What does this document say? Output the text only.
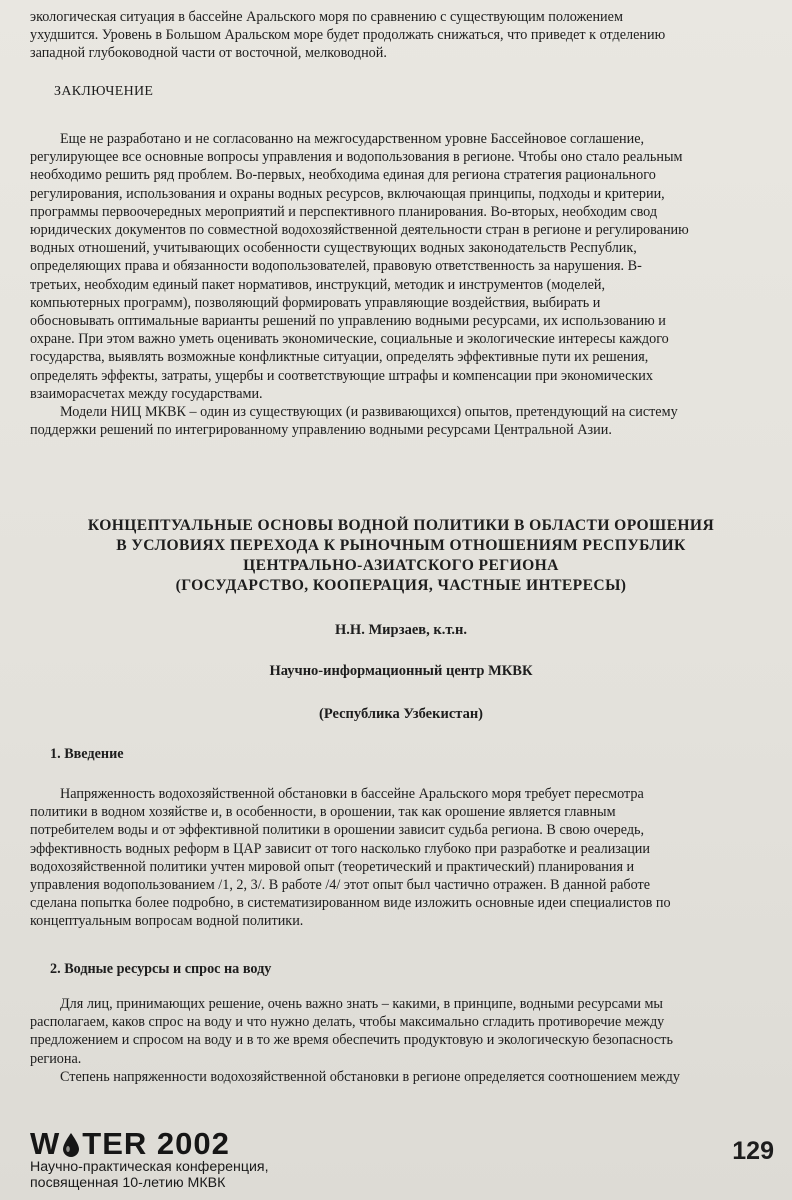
экологическая ситуация в бассейне Аральского моря по сравнению с существующим положением

ухудшится. Уровень в Большом Аральском море будет продолжать снижаться, что приведет к отделению

западной глубоководной части от восточной, мелководной.

ЗАКЛЮЧЕНИЕ

Еще не разработано и не согласованно на межгосударственном уровне Бассейновое соглашение,

регулирующее все основные вопросы управления и водопользования в регионе. Чтобы оно стало реальным

необходимо решить ряд проблем. Во-первых, необходима единая для региона стратегия рационального

регулирования, использования и охраны водных ресурсов, включающая принципы, подходы и критерии,

программы первоочередных мероприятий и перспективного планирования. Во-вторых, необходим свод

юридических документов по совместной водохозяйственной деятельности стран в регионе и регулированию

водных отношений, учитывающих особенности существующих водных законодательств Республик,

определяющих права и обязанности водопользователей, правовую ответственность за нарушения. В-

третьих, необходим единый пакет нормативов, инструкций, методик и инструментов (моделей,

компьютерных программ), позволяющий формировать управляющие воздействия, выбирать и

обосновывать оптимальные варианты решений по управлению водными ресурсами, их использованию и

охране. При этом важно уметь оценивать экономические, социальные и экологические интересы каждого

государства, выявлять возможные конфликтные ситуации, определять эффективные пути их решения,

определять эффекты, затраты, ущербы и соответствующие штрафы и компенсации при экономических

взаиморасчетах между государствами.

Модели НИЦ МКВК – один из существующих (и развивающихся) опытов, претендующий на систему

поддержки решений по интегрированному управлению водными ресурсами Центральной Азии.

КОНЦЕПТУАЛЬНЫЕ ОСНОВЫ ВОДНОЙ ПОЛИТИКИ В ОБЛАСТИ ОРОШЕНИЯ
В УСЛОВИЯХ ПЕРЕХОДА К РЫНОЧНЫМ ОТНОШЕНИЯМ РЕСПУБЛИК
ЦЕНТРАЛЬНО-АЗИАТСКОГО РЕГИОНА
(ГОСУДАРСТВО, КООПЕРАЦИЯ, ЧАСТНЫЕ ИНТЕРЕСЫ)
Н.Н. Мирзаев, к.т.н.
Научно-информационный центр МКВК
(Республика Узбекистан)
1. Введение

Напряженность водохозяйственной обстановки в бассейне Аральского моря требует пересмотра

политики в водном хозяйстве и, в особенности, в орошении, так как орошение является главным

потребителем воды и от эффективной политики в орошении зависит судьба региона. В свою очередь,

эффективность водных реформ в ЦАР зависит от того насколько глубоко при разработке и реализации

водохозяйственной политики учтен мировой опыт (теоретический и практический) планирования и

управления водопользованием /1, 2, 3/. В работе /4/ этот опыт был частично отражен. В данной работе

сделана попытка более подробно, в систематизированном виде изложить основные идеи специалистов по

концептуальным вопросам водной политики.

2. Водные ресурсы и спрос на воду

Для лиц, принимающих решение, очень важно знать – какими, в принципе, водными ресурсами мы

располагаем, каков спрос на воду и что нужно делать, чтобы максимально сгладить противоречие между

предложением и спросом на воду и в то же время обеспечить продуктовую и экологическую безопасность

региона.

Степень напряженности водохозяйственной обстановки в регионе определяется соотношением между

W TER 2002
Научно-практическая конференция,
посвященная 10-летию МКВК
129
